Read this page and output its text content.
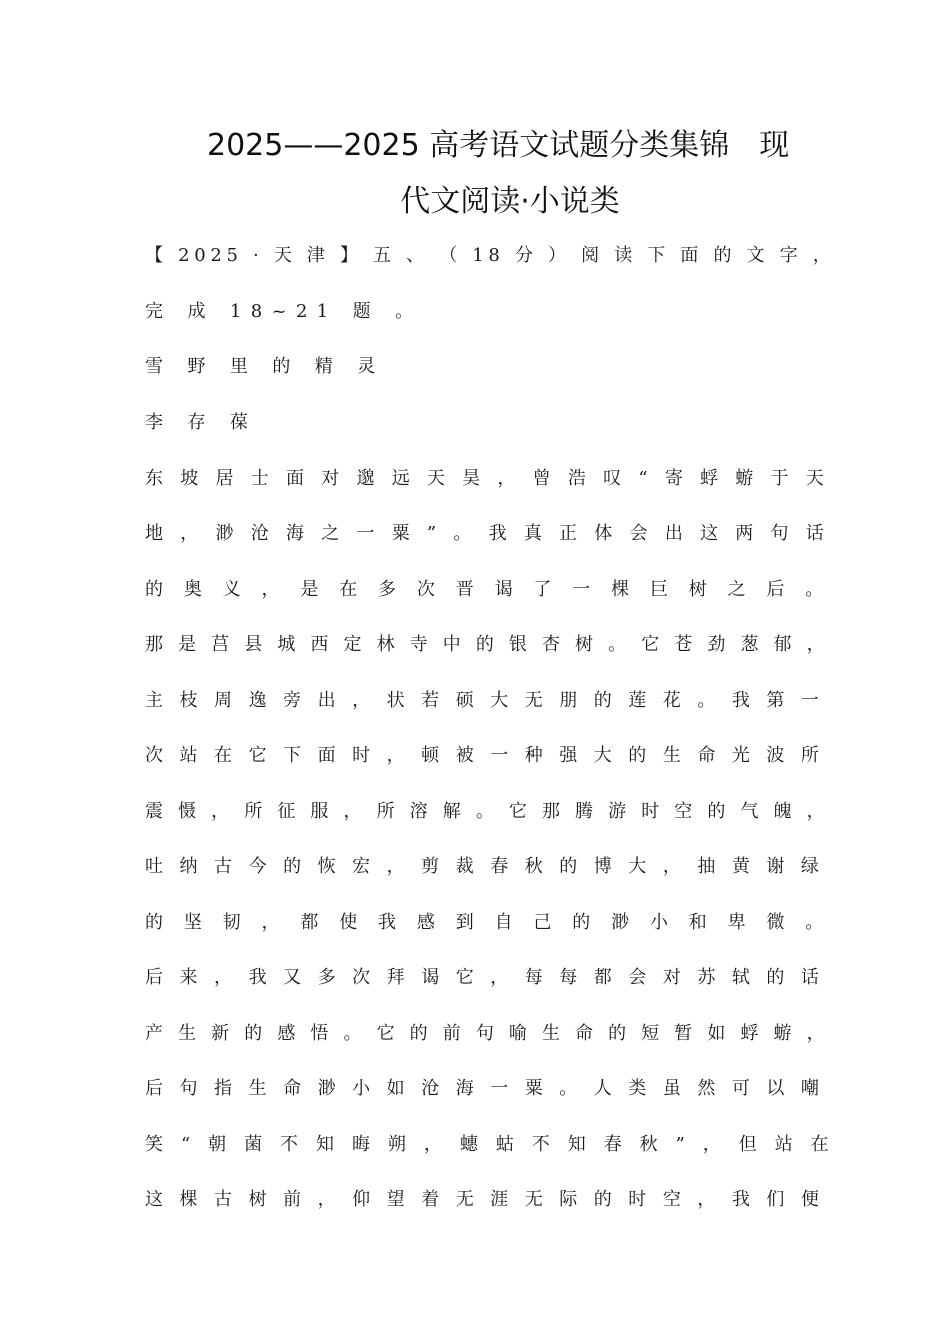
2025——2025 高考语文试题分类集锦　现
代文阅读·小说类
【 2025 · 天 津 】 五 、 （ 18 分 ） 阅 读 下 面 的 文 字 ，
完 成 18~21 题 。
雪 野 里 的 精 灵
李 存 葆
东 坡 居 士 面 对 邈 远 天 昊 ， 曾 浩 叹 “ 寄 蜉 蝣 于 天
地 ， 渺 沧 海 之 一 粟 ” 。 我 真 正 体 会 出 这 两 句 话
的 奥 义 ， 是 在 多 次 晋 谒 了 一 棵 巨 树 之 后 。
那 是 莒 县 城 西 定 林 寺 中 的 银 杏 树 。 它 苍 劲 葱 郁 ，
主 枝 周 逸 旁 出 ， 状 若 硕 大 无 朋 的 莲 花 。 我 第 一
次 站 在 它 下 面 时 ， 顿 被 一 种 强 大 的 生 命 光 波 所
震 慑 ， 所 征 服 ， 所 溶 解 。 它 那 腾 游 时 空 的 气 魄 ，
吐 纳 古 今 的 恢 宏 ， 剪 裁 春 秋 的 博 大 ， 抽 黄 谢 绿
的 坚 韧 ， 都 使 我 感 到 自 己 的 渺 小 和 卑 微 。
后 来 ， 我 又 多 次 拜 谒 它 ， 每 每 都 会 对 苏 轼 的 话
产 生 新 的 感 悟 。 它 的 前 句 喻 生 命 的 短 暂 如 蜉 蝣 ，
后 句 指 生 命 渺 小 如 沧 海 一 粟 。 人 类 虽 然 可 以 嘲
笑 “ 朝 菌 不 知 晦 朔 ， 蟪 蛄 不 知 春 秋 ” ， 但 站 在
这 棵 古 树 前 ， 仰 望 着 无 涯 无 际 的 时 空 ， 我 们 便
